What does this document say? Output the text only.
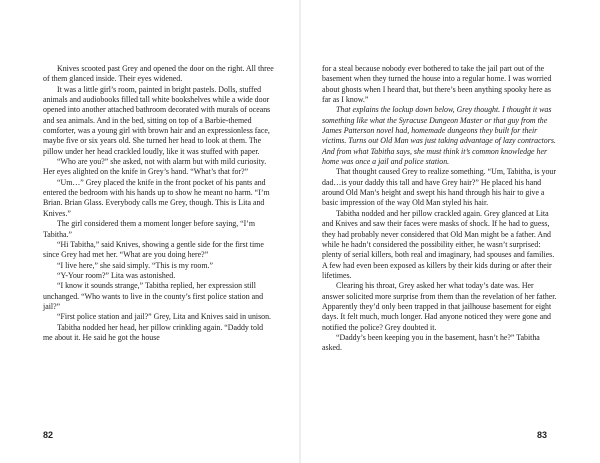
Knives scooted past Grey and opened the door on the right. All three of them glanced inside. Their eyes widened.

It was a little girl’s room, painted in bright pastels. Dolls, stuffed animals and audiobooks filled tall white bookshelves while a wide door opened into another attached bathroom decorated with murals of oceans and sea animals. And in the bed, sitting on top of a Barbie-themed comforter, was a young girl with brown hair and an expressionless face, maybe five or six years old. She turned her head to look at them. The pillow under her head crackled loudly, like it was stuffed with paper.

“Who are you?” she asked, not with alarm but with mild curiosity. Her eyes alighted on the knife in Grey’s hand. “What’s that for?”

“Um…” Grey placed the knife in the front pocket of his pants and entered the bedroom with his hands up to show he meant no harm. “I’m Brian. Brian Glass. Everybody calls me Grey, though. This is Lita and Knives.”

The girl considered them a moment longer before saying, “I’m Tabitha.”

“Hi Tabitha,” said Knives, showing a gentle side for the first time since Grey had met her. “What are you doing here?”

“I live here,” she said simply. “This is my room.”

“Y-Your room?” Lita was astonished.

“I know it sounds strange,” Tabitha replied, her expression still unchanged. “Who wants to live in the county’s first police station and jail?”

“First police station and jail?” Grey, Lita and Knives said in unison.

Tabitha nodded her head, her pillow crinkling again. “Daddy told me about it. He said he got the house

for a steal because nobody ever bothered to take the jail part out of the basement when they turned the house into a regular home. I was worried about ghosts when I heard that, but there’s been anything spooky here as far as I know.”

That explains the lockup down below, Grey thought. I thought it was something like what the Syracuse Dungeon Master or that guy from the James Patterson novel had, homemade dungeons they built for their victims. Turns out Old Man was just taking advantage of lazy contractors. And from what Tabitha says, she must think it’s common knowledge her home was once a jail and police station.

That thought caused Grey to realize something. “Um, Tabitha, is your dad…is your daddy this tall and have Grey hair?” He placed his hand around Old Man’s height and swept his hand through his hair to give a basic impression of the way Old Man styled his hair.

Tabitha nodded and her pillow crackled again. Grey glanced at Lita and Knives and saw their faces were masks of shock. If he had to guess, they had probably never considered that Old Man might be a father. And while he hadn’t considered the possibility either, he wasn’t surprised: plenty of serial killers, both real and imaginary, had spouses and families. A few had even been exposed as killers by their kids during or after their lifetimes.

Clearing his throat, Grey asked her what today’s date was. Her answer solicited more surprise from them than the revelation of her father. Apparently they’d only been trapped in that jailhouse basement for eight days. It felt much, much longer. Had anyone noticed they were gone and notified the police? Grey doubted it.

“Daddy’s been keeping you in the basement, hasn’t he?” Tabitha asked.

82	83
